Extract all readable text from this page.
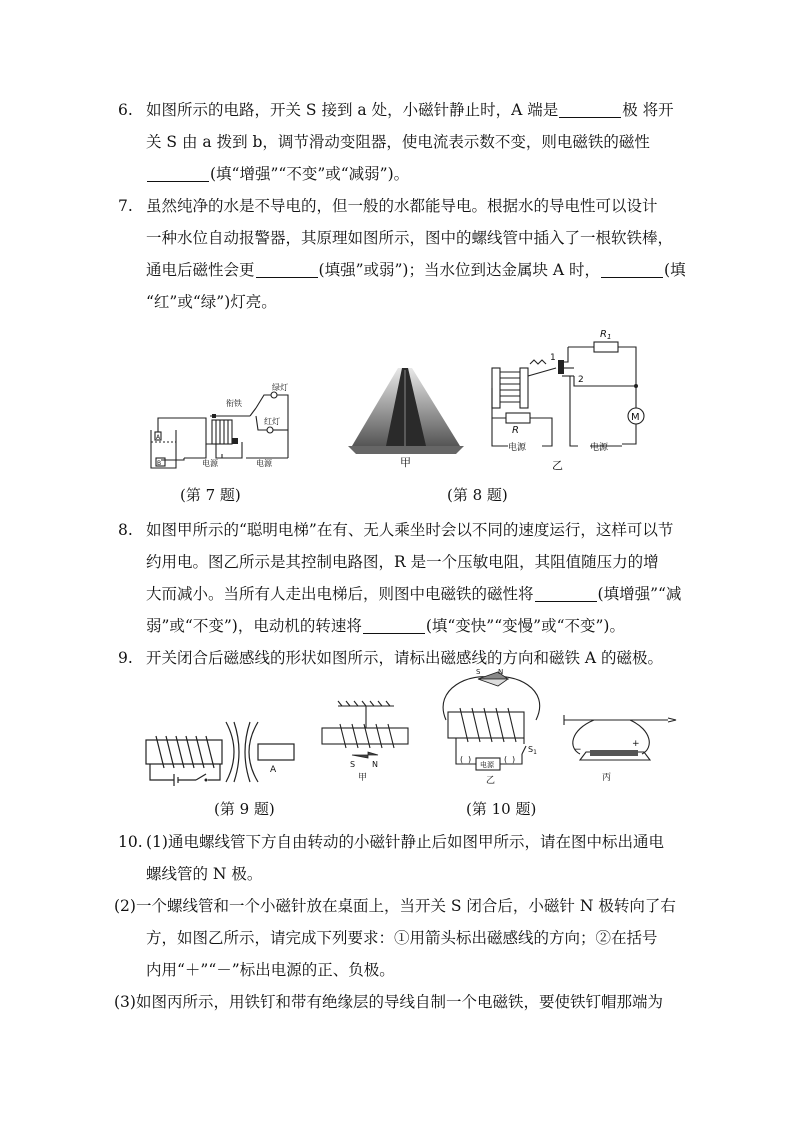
6. 如图所示的电路，开关 S 接到 a 处，小磁针静止时，A 端是	极 将开
关 S 由 a 拨到 b，调节滑动变阻器，使电流表示数不变，则电磁铁的磁性
(填“增强”“不变”或“减弱”)。
7. 虽然纯净的水是不导电的，但一般的水都能导电。根据水的导电性可以设计
一种水位自动报警器，其原理如图所示，图中的螺线管中插入了一根软铁棒，
通电后磁性会更	(填强”或弱”)；当水位到达金属块 A 时，	(填
“红”或“绿”)灯亮。
衔铁
绿灯
红灯
电源	电源
A
B	甲
$R_1$
R
M
1
2
电源	电源
乙
(第 7 题)	(第 8 题)
8. 如图甲所示的“聪明电梯”在有、无人乘坐时会以不同的速度运行，这样可以节
约用电。图乙所示是其控制电路图，R 是一个压敏电阻，其阻值随压力的增
大而减小。当所有人走出电梯后，则图中电磁铁的磁性将	(填增强”“减
弱”或“不变”)，电动机的转速将	(填“变快”“变慢”或“不变”)。
9. 开关闭合后磁感线的形状如图所示，请标出磁感线的方向和磁铁 A 的磁极。
A
S N
甲
S	N
电源
( )	( )
$S_1$
乙
−
+
丙
(第 9 题)	(第 10 题)
10. (1)通电螺线管下方自由转动的小磁针静止后如图甲所示，请在图中标出通电
螺线管的 N 极。
(2)一个螺线管和一个小磁针放在桌面上，当开关 S 闭合后，小磁针 N 极转向了右
方，如图乙所示，请完成下列要求：①用箭头标出磁感线的方向；②在括号
内用“＋”“－”标出电源的正、负极。
(3)如图丙所示，用铁钉和带有绝缘层的导线自制一个电磁铁，要使铁钉帽那端为
